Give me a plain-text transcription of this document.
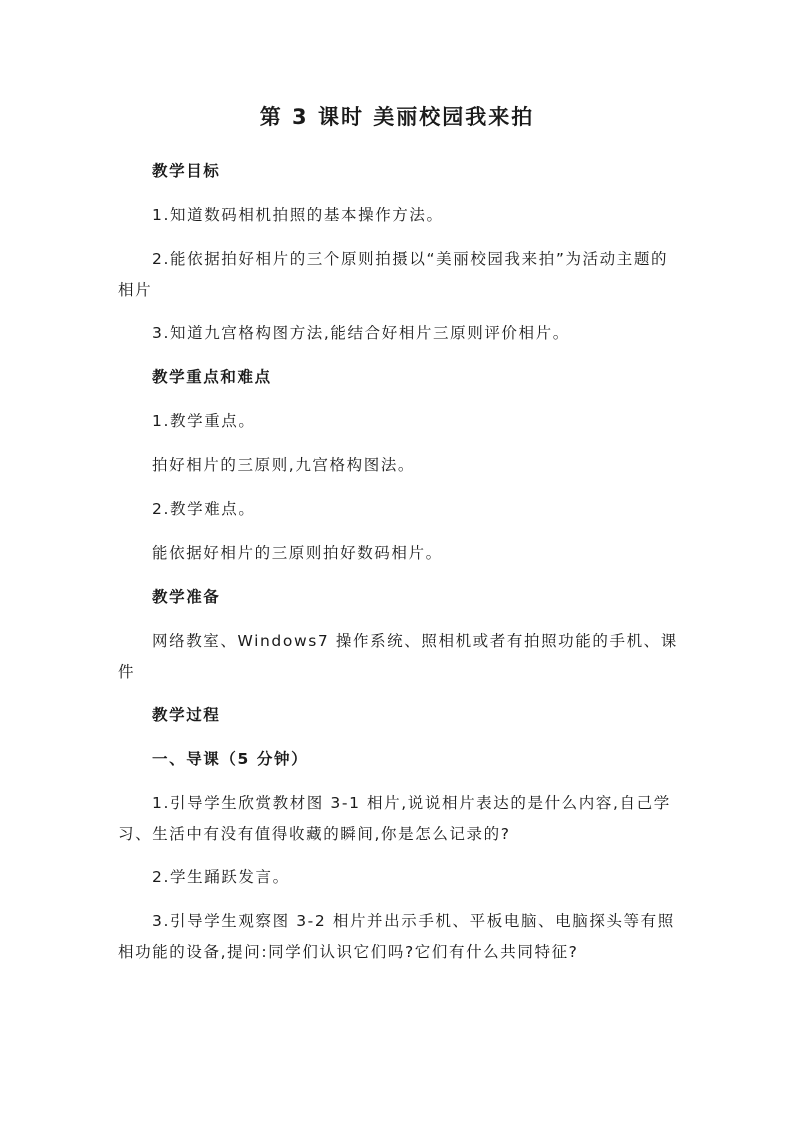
第 3 课时 美丽校园我来拍

教学目标

1.知道数码相机拍照的基本操作方法。

2.能依据拍好相片的三个原则拍摄以“美丽校园我来拍”为活动主题的相片

3.知道九宫格构图方法,能结合好相片三原则评价相片。

教学重点和难点

1.教学重点。

拍好相片的三原则,九宫格构图法。

2.教学难点。

能依据好相片的三原则拍好数码相片。

教学准备

网络教室、Windows7 操作系统、照相机或者有拍照功能的手机、课件

教学过程

一、导课（5 分钟）

1.引导学生欣赏教材图 3-1 相片,说说相片表达的是什么内容,自己学习、生活中有没有值得收藏的瞬间,你是怎么记录的?

2.学生踊跃发言。

3.引导学生观察图 3-2 相片并出示手机、平板电脑、电脑探头等有照相功能的设备,提问:同学们认识它们吗?它们有什么共同特征?
